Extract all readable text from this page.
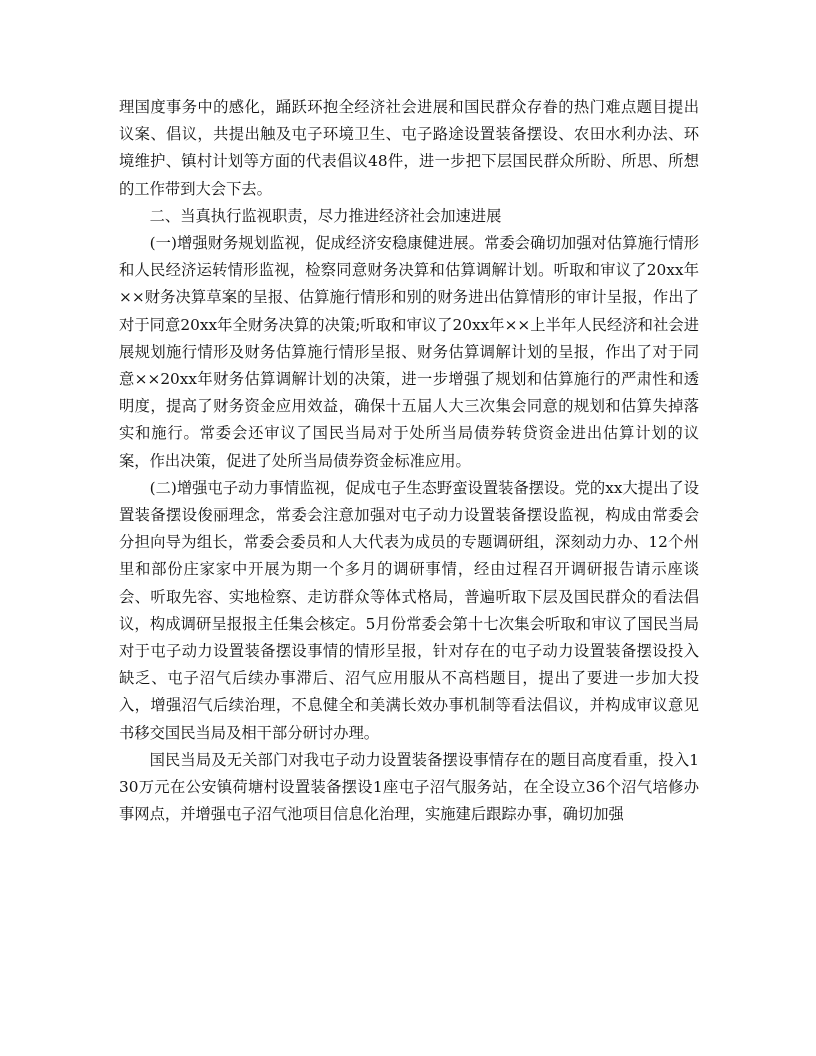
理国度事务中的感化，踊跃环抱全经济社会进展和国民群众存眷的热门难点题目提出议案、倡议，共提出触及屯子环境卫生、屯子路途设置装备摆设、农田水利办法、环境维护、镇村计划等方面的代表倡议48件，进一步把下层国民群众所盼、所思、所想的工作带到大会下去。

二、当真执行监视职责，尽力推进经济社会加速进展

(一)增强财务规划监视，促成经济安稳康健进展。常委会确切加强对估算施行情形和人民经济运转情形监视，检察同意财务决算和估算调解计划。听取和审议了20xx年××财务决算草案的呈报、估算施行情形和别的财务进出估算情形的审计呈报，作出了对于同意20xx年全财务决算的决策;听取和审议了20xx年××上半年人民经济和社会进展规划施行情形及财务估算施行情形呈报、财务估算调解计划的呈报，作出了对于同意××20xx年财务估算调解计划的决策，进一步增强了规划和估算施行的严肃性和透明度，提高了财务资金应用效益，确保十五届人大三次集会同意的规划和估算失掉落实和施行。常委会还审议了国民当局对于处所当局债券转贷资金进出估算计划的议案，作出决策，促进了处所当局债券资金标准应用。

(二)增强屯子动力事情监视，促成屯子生态野蛮设置装备摆设。党的xx大提出了设置装备摆设俊丽理念，常委会注意加强对屯子动力设置装备摆设监视，构成由常委会分担向导为组长，常委会委员和人大代表为成员的专题调研组，深刻动力办、12个州里和部份庄家家中开展为期一个多月的调研事情，经由过程召开调研报告请示座谈会、听取先容、实地检察、走访群众等体式格局，普遍听取下层及国民群众的看法倡议，构成调研呈报报主任集会核定。5月份常委会第十七次集会听取和审议了国民当局对于屯子动力设置装备摆设事情的情形呈报，针对存在的屯子动力设置装备摆设投入缺乏、屯子沼气后续办事滞后、沼气应用服从不高档题目，提出了要进一步加大投入，增强沼气后续治理，不息健全和美满长效办事机制等看法倡议，并构成审议意见书移交国民当局及相干部分研讨办理。

国民当局及无关部门对我屯子动力设置装备摆设事情存在的题目高度看重，投入130万元在公安镇荷塘村设置装备摆设1座屯子沼气服务站，在全设立36个沼气培修办事网点，并增强屯子沼气池项目信息化治理，实施建后跟踪办事，确切加强
